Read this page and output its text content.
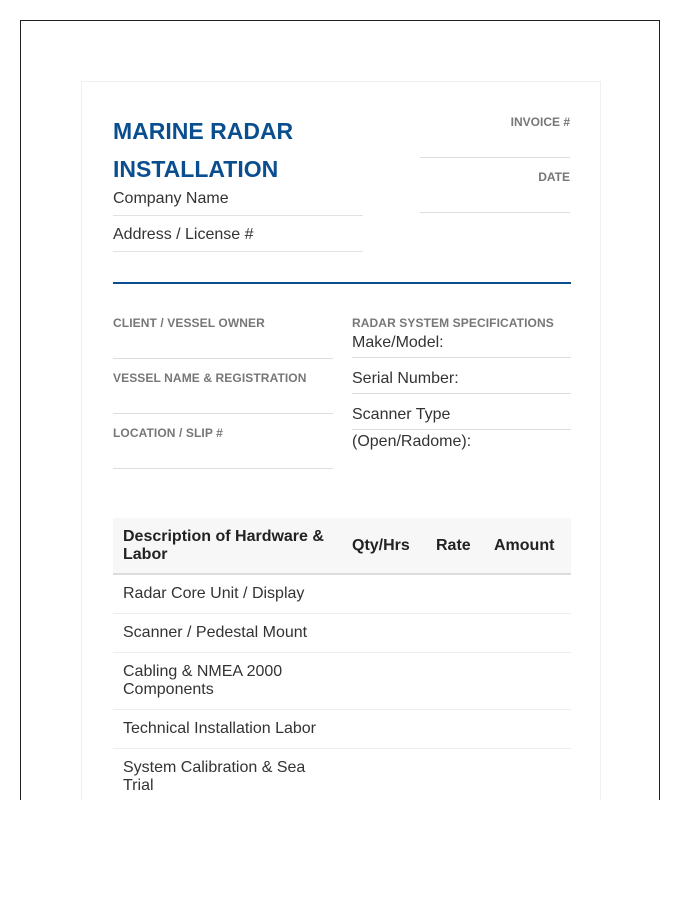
MARINE RADAR INSTALLATION
Company Name
Address / License #
INVOICE #
DATE
CLIENT / VESSEL OWNER
VESSEL NAME & REGISTRATION
LOCATION / SLIP #
RADAR SYSTEM SPECIFICATIONS
Make/Model:
Serial Number:
Scanner Type
(Open/Radome):
Description of Hardware & Labor	Qty/Hrs	Rate	Amount
Radar Core Unit / Display			
Scanner / Pedestal Mount			
Cabling & NMEA 2000 Components			
Technical Installation Labor			
System Calibration & Sea Trial			
